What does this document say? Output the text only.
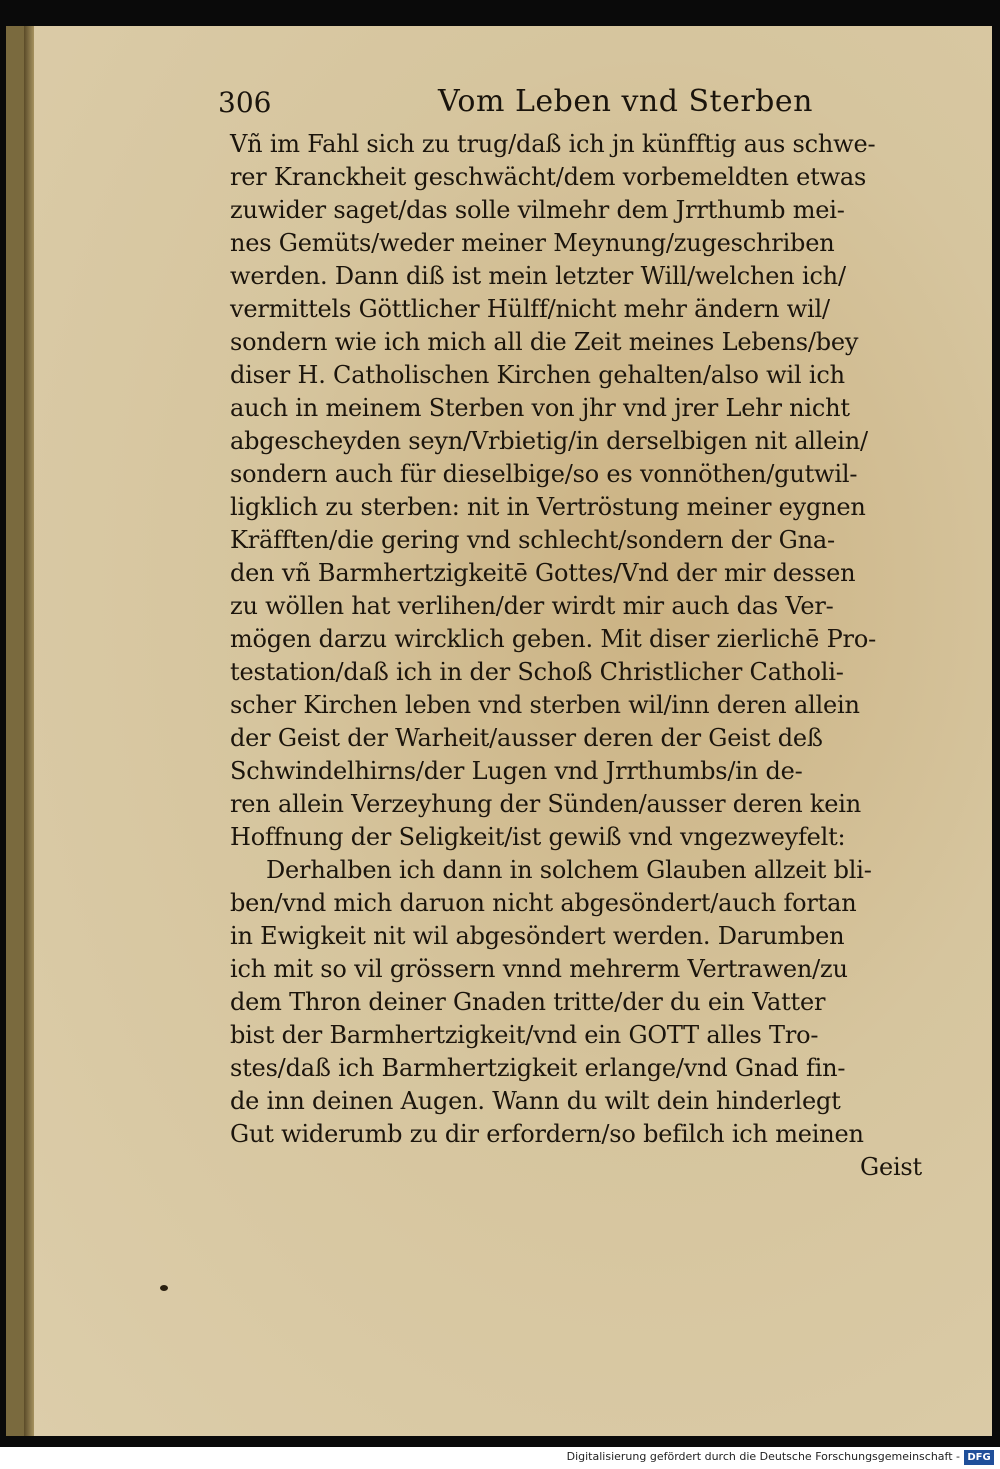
306	Vom Leben vnd Sterben
Vñ im Fahl sich zu trug/daß ich jn künfftig aus schwe-
rer Kranckheit geschwächt/dem vorbemeldten etwas
zuwider saget/das solle vilmehr dem Jrrthumb mei-
nes Gemüts/weder meiner Meynung/zugeschriben
werden. Dann diß ist mein letzter Will/welchen ich/
vermittels Göttlicher Hülff/nicht mehr ändern wil/
sondern wie ich mich all die Zeit meines Lebens/bey
diser H. Catholischen Kirchen gehalten/also wil ich
auch in meinem Sterben von jhr vnd jrer Lehr nicht
abgescheyden seyn/Vrbietig/in derselbigen nit allein/
sondern auch für dieselbige/so es vonnöthen/gutwil-
ligklich zu sterben: nit in Vertröstung meiner eygnen
Kräfften/die gering vnd schlecht/sondern der Gna-
den vñ Barmhertzigkeitē Gottes/Vnd der mir dessen
zu wöllen hat verlihen/der wirdt mir auch das Ver-
mögen darzu wircklich geben. Mit diser zierlichē Pro-
testation/daß ich in der Schoß Christlicher Catholi-
scher Kirchen leben vnd sterben wil/inn deren allein
der Geist der Warheit/ausser deren der Geist deß
Schwindelhirns/der Lugen vnd Jrrthumbs/in de-
ren allein Verzeyhung der Sünden/ausser deren kein
Hoffnung der Seligkeit/ist gewiß vnd vngezweyfelt:
Derhalben ich dann in solchem Glauben allzeit bli-
ben/vnd mich daruon nicht abgesöndert/auch fortan
in Ewigkeit nit wil abgesöndert werden. Darumben
ich mit so vil grössern vnnd mehrerm Vertrawen/zu
dem Thron deiner Gnaden tritte/der du ein Vatter
bist der Barmhertzigkeit/vnd ein GOTT alles Tro-
stes/daß ich Barmhertzigkeit erlange/vnd Gnad fin-
de inn deinen Augen. Wann du wilt dein hinderlegt
Gut widerumb zu dir erfordern/so befilch ich meinen
Geist
Digitalisierung gefördert durch die Deutsche Forschungsgemeinschaft - DFG
